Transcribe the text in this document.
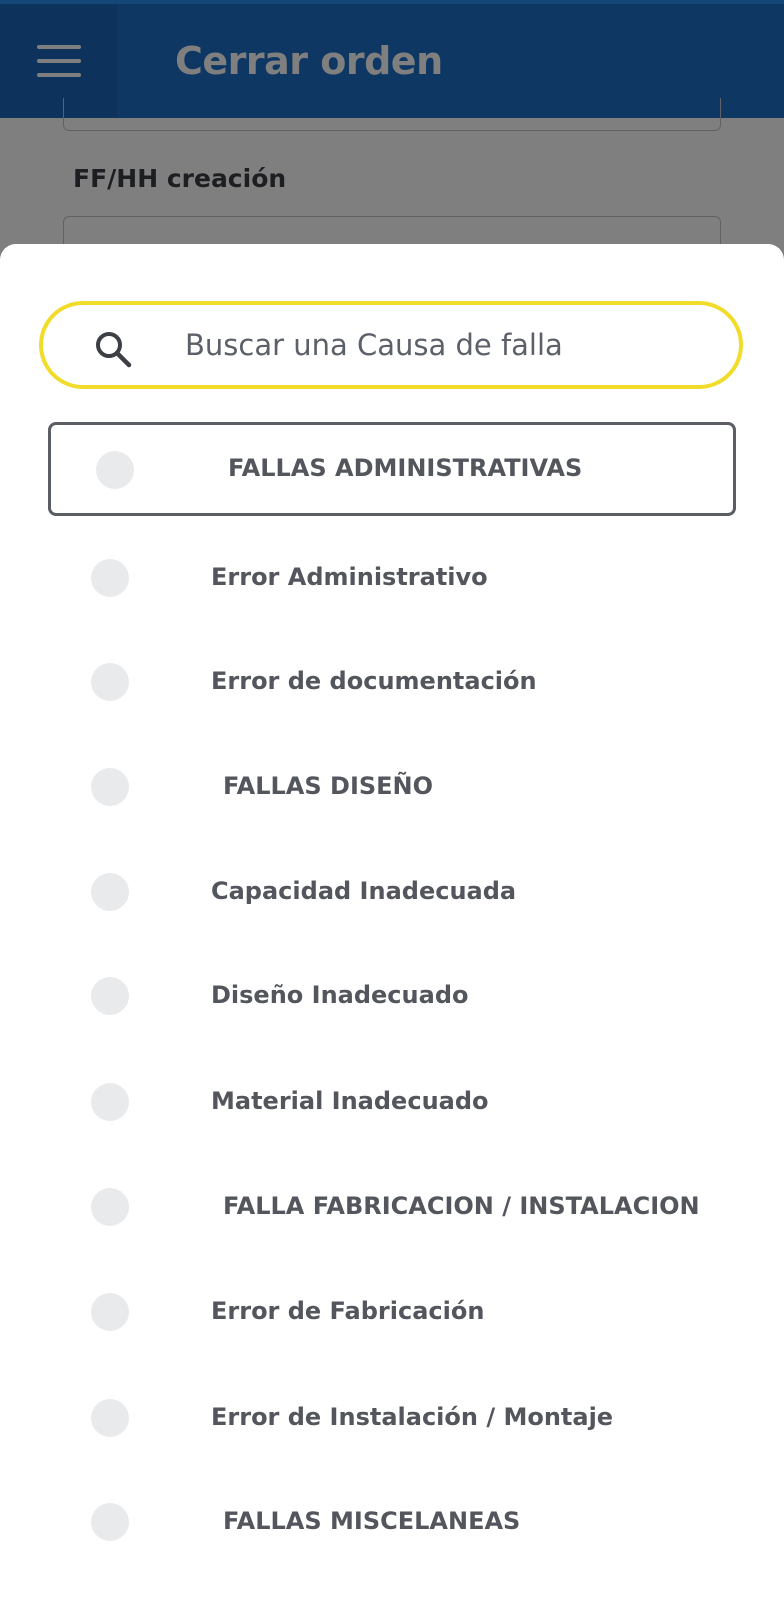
Buscar una Causa de falla
FALLAS ADMINISTRATIVAS
Error Administrativo
Error de documentación
FALLAS DISEÑO
Capacidad Inadecuada
Diseño Inadecuado
Material Inadecuado
FALLA FABRICACION / INSTALACION
Error de Fabricación
Error de Instalación / Montaje
FALLAS MISCELANEAS
